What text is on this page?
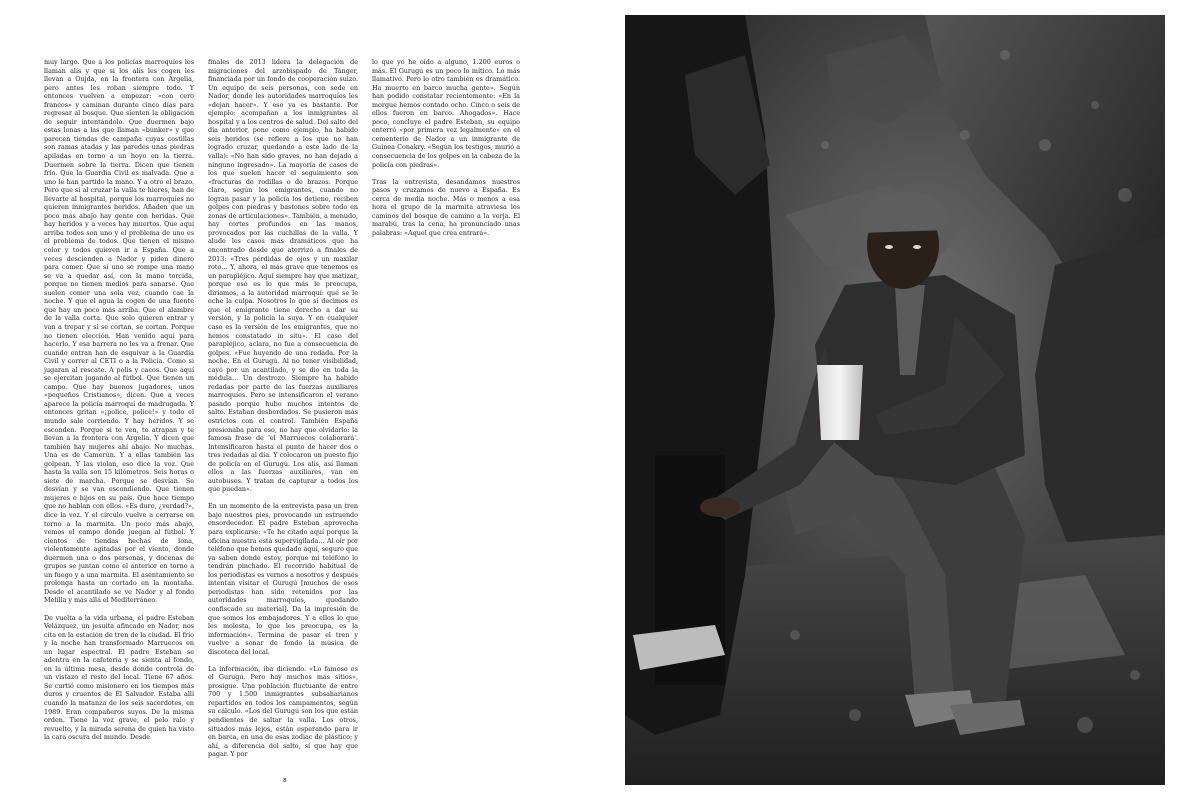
muy largo. Que a los policías marroquíes les llaman alís y que si los alís les cogen les llevan a Oujda, en la frontera con Argelia, pero antes les roban siempre todo. Y entonces vuelven a empezar: «con cero francos» y caminan durante cinco días para regresar al bosque. Que sienten la obligación de seguir intentándolo. Que duermen bajo estas lonas a las que llaman «búnker» y que parecen tiendas de campaña cuyas costillas son ramas atadas y las paredes unas piedras apiladas en torno a un hoyo en la tierra. Duermen sobre la tierra. Dicen que tienen frío. Que la Guardia Civil es malvada. Que a uno le han partido la mano. Y a otro el brazo. Pero que si al cruzar la valla te hieres, han de llevarte al hospital, porque los marroquíes no quieren inmigrantes heridos. Añaden que un poco más abajo hay gente con heridas. Que hay heridos y a veces hay muertos. Que aquí arriba todos son uno y el problema de uno es el problema de todos. Que tienen el mismo color y todos quieren ir a España. Que a veces descienden a Nador y piden dinero para comer. Que si uno se rompe una mano se va a quedar así, con la mano torcida, porque no tienen medios para sanarse. Que suelen comer una sola vez, cuando cae la noche. Y que el agua la cogen de una fuente que hay un poco más arriba. Que el alambre de la valla corta. Que solo quieren entrar y van a trepar y si se cortan, se cortan. Porque no tienen elección. Han venido aquí para hacerlo. Y esa barrera no les va a frenar. Que cuando entran han de esquivar a la Guardia Civil y correr al CETI o a la Policía. Como si jugaran al rescate. A polis y cacos. Que aquí se ejercitan jugando al fútbol. Que tienen un campo. Que hay buenos jugadores, unos «pequeños Cristianos», dicen. Que a veces aparece la policía marroquí de madrugada. Y entonces gritan «¡police, police!» y todo el mundo sale corriendo. Y hay heridos. Y se esconden. Porque si te ven, te atrapan y te llevan a la frontera con Argelia. Y dicen que también hay mujeres ahí abajo. No muchas. Una es de Camerún. Y a ellas también las golpean. Y las violan, eso dice la voz. Que hasta la valla son 15 kilómetros. Seis horas o siete de marcha. Porque se desvían. Se desvían y se van escondiendo. Que tienen mujeres e hijos en su país. Que hace tiempo que no hablan con ellos. «Es duro, ¿verdad?», dice la voz. Y el círculo vuelve a cerrarse en torno a la marmita. Un poco más abajo, vemos el campo donde juegan al fútbol. Y cientos de tiendas hechas de lona, violentamente agitadas por el viento, donde duermen una o dos personas, y docenas de grupos se juntan como el anterior en torno a un fuego y a una marmita. El asentamiento se prolonga hasta un cortado en la montaña. Desde el acantilado se ve Nador y al fondo Melilla y más allá el Mediterráneo.

De vuelta a la vida urbana, el padre Esteban Velázquez, un jesuita afincado en Nador, nos cita en la estación de tren de la ciudad. El frío y la noche han transformado Marruecos en un lugar espectral. El padre Esteban se adentra en la cafetería y se sienta al fondo, en la última mesa, desde donde controla de un vistazo el resto del local. Tiene 67 años. Se curtió como misionero en los tiempos más duros y cruentos de El Salvador. Estaba allí cuando la matanza de los seis sacerdotes, en 1989. Eran compañeros suyos. De la misma orden. Tiene la voz grave, el pelo ralo y revuelto, y la mirada serena de quien ha visto la cara oscura del mundo. Desde

finales de 2013 lidera la delegación de migraciones del arzobispado de Tánger, financiada por un fondo de cooperación suizo. Un equipo de seis personas, con sede en Nador, donde les autoridades marroquíes les «dejan hacer». Y eso ya es bastante. Por ejemplo: acompañan a los inmigrantes al hospital y a los centros de salud. Del salto del día anterior, pone como ejemplo, ha habido seis heridos (se refiere a los que no han logrado cruzar, quedando a este lado de la valla): «No han sido graves, no han dejado a ninguno ingresado». La mayoría de casos de los que suelen hacer el seguimiento son «fracturas de rodillas o de brazos. Porque claro, según los emigrantes, cuando no logran pasar y la policía los detiene, reciben golpes con piedras y bastones sobre todo en zonas de articulaciones». También, a menudo, hay cortes profundos en las manos, provocados por las cuchillas de la valla. Y alude les casos más dramáticos que ha encontrado desde que aterrizó a finales de 2013: «Tres pérdidas de ojos y un maxilar roto… Y, ahora, el más grave que tenemos es un parapléjico. Aquí siempre hay que matizar, porque eso es lo que más le preocupa, diríamos, a la autoridad marroquí: que se le eche la culpa. Nosotros lo que sí decimos es que el emigrante tiene derecho a dar su versión, y la policía la suya. Y en cualquier caso es la versión de los emigrantes, que no hemos constatado in situ». El caso del parapléjico, aclara, no fue a consecuencia de golpes. «Fue huyendo de una redada. Por la noche. En el Gurugú. Al no tener visibilidad, cayó por un acantilado, y se dio en toda la médula… Un destrozo. Siempre ha habido redadas por parte de las fuerzas auxiliares marroquíes. Pero se intensificaron el verano pasado porque hubo muchos intentos de salto. Estaban desbordados. Se pusieron más estrictos con el control. También España presionaba para eso, no hay que olvidarlo: la famosa frase de 'el Marruecos colaborará'. Intensificaron hasta el punto de hacer dos o tres redadas al día. Y colocaron un puesto fijo de policía en el Gurugú. Los alís, así llaman ellos a las fuerzas auxiliares, van en autobuses. Y tratan de capturar a todos los que puedan».

En un momento de la entrevista pasa un tren bajo nuestros pies, provocando un estruendo ensordecedor. El padre Esteban aprovecha para explicarse: «Te he citado aquí porque la oficina nuestra está supervigilada… Al oír por teléfono que hemos quedado aquí, seguro que ya saben donde estoy, porque mi teléfono lo tendrán pinchado. El recorrido habitual de los periodistas es vernos a nosotros y después intentan visitar el Gurugú [muchos de esos periodistas han sido retenidos por las autoridades marroquíes, quedando confiscado su material]. Da la impresión de que somos los embajadores. Y a ellos lo que les molesta, lo que les preocupa, es la información». Termina de pasar el tren y vuelve a sonar de fondo la música de discoteca del local.

La información, iba diciendo. «Lo famoso es el Gurugú. Pero hay muchos más sitios», prosigue. Una población fluctuante de entre 700 y 1.500 inmigrantes subsaharianos repartidos en todos los campamentos, según su cálculo. «Los del Gurugú son los que están pendientes de saltar la valla. Los otros, situados más lejos, están esperando para ir en barca, en una de esas zodiac de plástico; y ahí, a diferencia del salto, sí que hay que pagar. Y por

lo que yo he oído a alguno, 1.200 euros o más. El Gurugú es un poco lo mítico. Lo más llamativo. Pero lo otro también es dramático. Ha muerto en barco mucha gente». Según han podido constatar recientemente: «En la morgue hemos contado ocho. Cinco o seis de ellos fueron en barco. Ahogados». Hace poco, concluye el padre Esteban, su equipo enterró «por primera vez legalmente» en el cementerio de Nador a un inmigrante de Guinea Conakry. «Según los testigos, murió a consecuencia de los golpes en la cabeza de la policía con piedras».

Tras la entrevista, desandamos nuestros pasos y cruzamos de nuevo a España. Es cerca de media noche. Más o menos a esa hora el grupo de la marmita atraviesa los caminos del bosque de camino a la verja. El marabú, tras la cena, ha pronunciado unas palabras: «Aquel que crea entrará».

8
